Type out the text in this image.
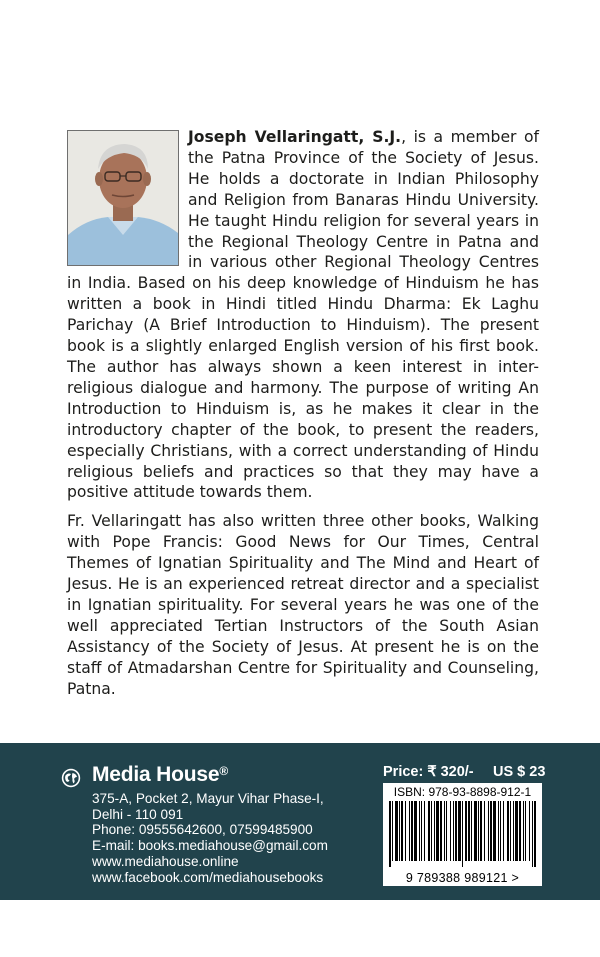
Joseph Vellaringatt, S.J., is a member of the Patna Province of the Society of Jesus. He holds a doctorate in Indian Philosophy and Religion from Banaras Hindu University. He taught Hindu religion for several years in the Regional Theology Centre in Patna and in various other Regional Theology Centres in India. Based on his deep knowledge of Hinduism he has written a book in Hindi titled Hindu Dharma: Ek Laghu Parichay (A Brief Introduction to Hinduism). The present book is a slightly enlarged English version of his first book. The author has always shown a keen interest in inter-religious dialogue and harmony. The purpose of writing An Introduction to Hinduism is, as he makes it clear in the introductory chapter of the book, to present the readers, especially Christians, with a correct understanding of Hindu religious beliefs and practices so that they may have a positive attitude towards them.

Fr. Vellaringatt has also written three other books, Walking with Pope Francis: Good News for Our Times, Central Themes of Ignatian Spirituality and The Mind and Heart of Jesus. He is an experienced retreat director and a specialist in Ignatian spirituality. For several years he was one of the well appreciated Tertian Instructors of the South Asian Assistancy of the Society of Jesus. At present he is on the staff of Atmadarshan Centre for Spirituality and Counseling, Patna.

Media House®
375-A, Pocket 2, Mayur Vihar Phase-I,
Delhi - 110 091
Phone: 09555642600, 07599485900
E-mail: books.mediahouse@gmail.com
www.mediahouse.online
www.facebook.com/mediahousebooks
Price: ₹ 320/- US $ 23
ISBN: 978-93-8898-912-1
9 789388 989121 >
